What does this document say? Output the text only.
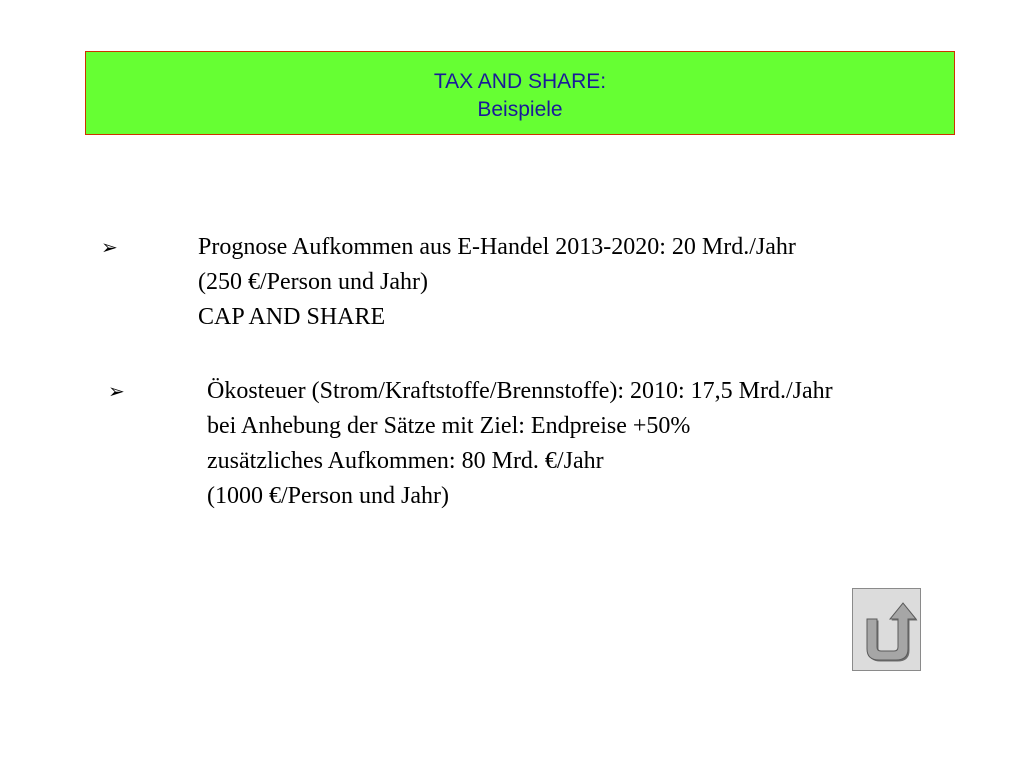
TAX AND SHARE:
Beispiele
➢	Prognose Aufkommen aus E-Handel 2013-2020: 20 Mrd./Jahr
(250 €/Person und Jahr)
CAP AND SHARE
➢	Ökosteuer (Strom/Kraftstoffe/Brennstoffe): 2010: 17,5 Mrd./Jahr
bei Anhebung der Sätze mit Ziel: Endpreise +50%
zusätzliches Aufkommen: 80 Mrd. €/Jahr
(1000 €/Person und Jahr)
